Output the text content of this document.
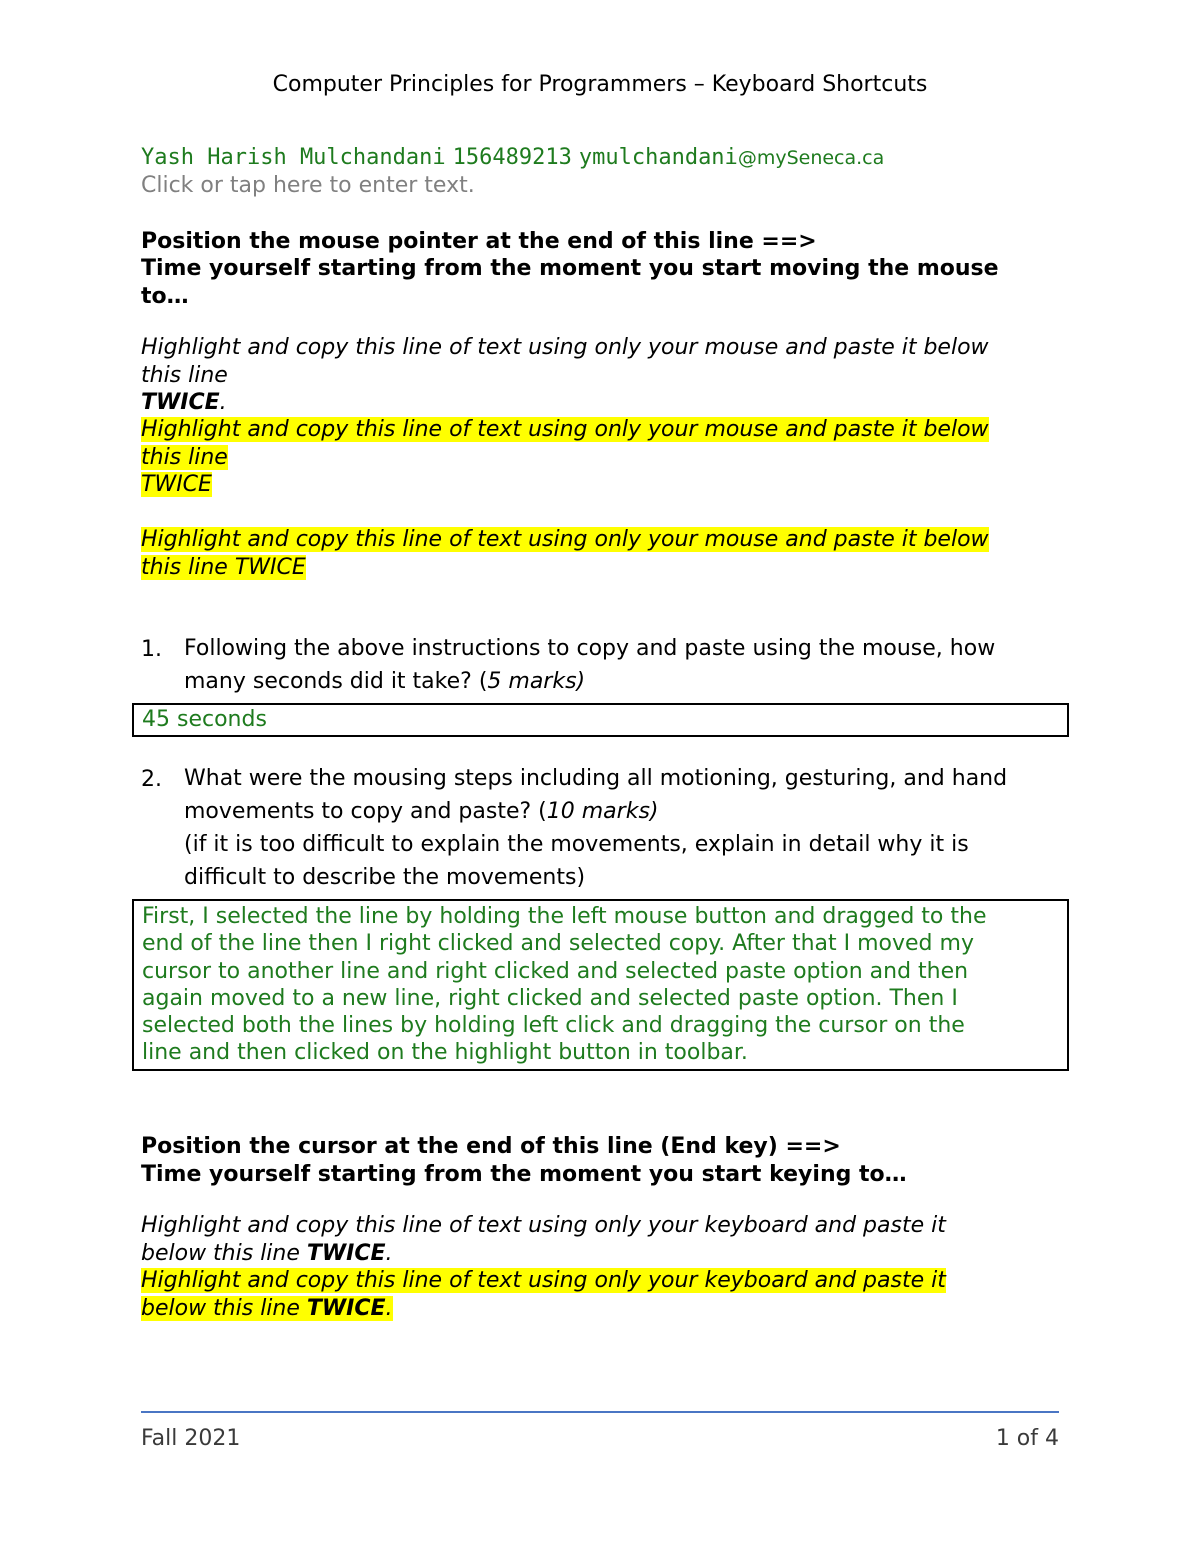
Computer Principles for Programmers – Keyboard Shortcuts
Yash Harish Mulchandani 156489213 ymulchandani@mySeneca.ca
Click or tap here to enter text.
Position the mouse pointer at the end of this line ==>
Time yourself starting from the moment you start moving the mouse
to…
Highlight and copy this line of text using only your mouse and paste it below
this line
TWICE.
Highlight and copy this line of text using only your mouse and paste it below
this line
TWICE
Highlight and copy this line of text using only your mouse and paste it below
this line TWICE
1. Following the above instructions to copy and paste using the mouse, how
many seconds did it take? (5 marks)
45 seconds
2. What were the mousing steps including all motioning, gesturing, and hand
movements to copy and paste? (10 marks)
(if it is too difficult to explain the movements, explain in detail why it is
difficult to describe the movements)
First, I selected the line by holding the left mouse button and dragged to the
end of the line then I right clicked and selected copy. After that I moved my
cursor to another line and right clicked and selected paste option and then
again moved to a new line, right clicked and selected paste option. Then I
selected both the lines by holding left click and dragging the cursor on the
line and then clicked on the highlight button in toolbar.
Position the cursor at the end of this line (End key) ==>
Time yourself starting from the moment you start keying to…
Highlight and copy this line of text using only your keyboard and paste it
below this line TWICE.
Highlight and copy this line of text using only your keyboard and paste it
below this line TWICE.
Fall 2021	1 of 4
